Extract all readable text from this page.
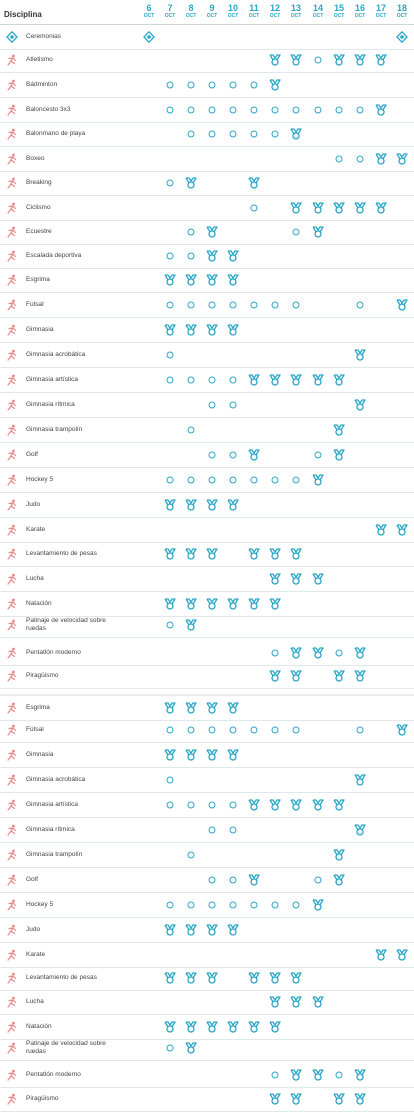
Disciplina
6
OCT
7
OCT
8
OCT
9
OCT
10
OCT
11
OCT
12
OCT
13
OCT
14
OCT
15
OCT
16
OCT
17
OCT
18
OCT
Ceremonias
Atletismo
Bádminton
Baloncesto 3x3
Balonmano de playa
Boxeo
Breaking
Ciclismo
Ecuestre
Escalada deportiva
Esgrima
Fútsal
Gimnasia
Gimnasia acrobática
Gimnasia artística
Gimnasia rítmica
Gimnasia trampolín
Golf
Hockey 5
Judo
Karate
Levantamiento de pesas
Lucha
Natación
Patinaje de velocidad sobre ruedas
Pentatlón moderno
Piragüismo
Esgrima
Fútsal
Gimnasia
Gimnasia acrobática
Gimnasia artística
Gimnasia rítmica
Gimnasia trampolín
Golf
Hockey 5
Judo
Karate
Levantamiento de pesas
Lucha
Natación
Patinaje de velocidad sobre ruedas
Pentatlón moderno
Piragüismo
